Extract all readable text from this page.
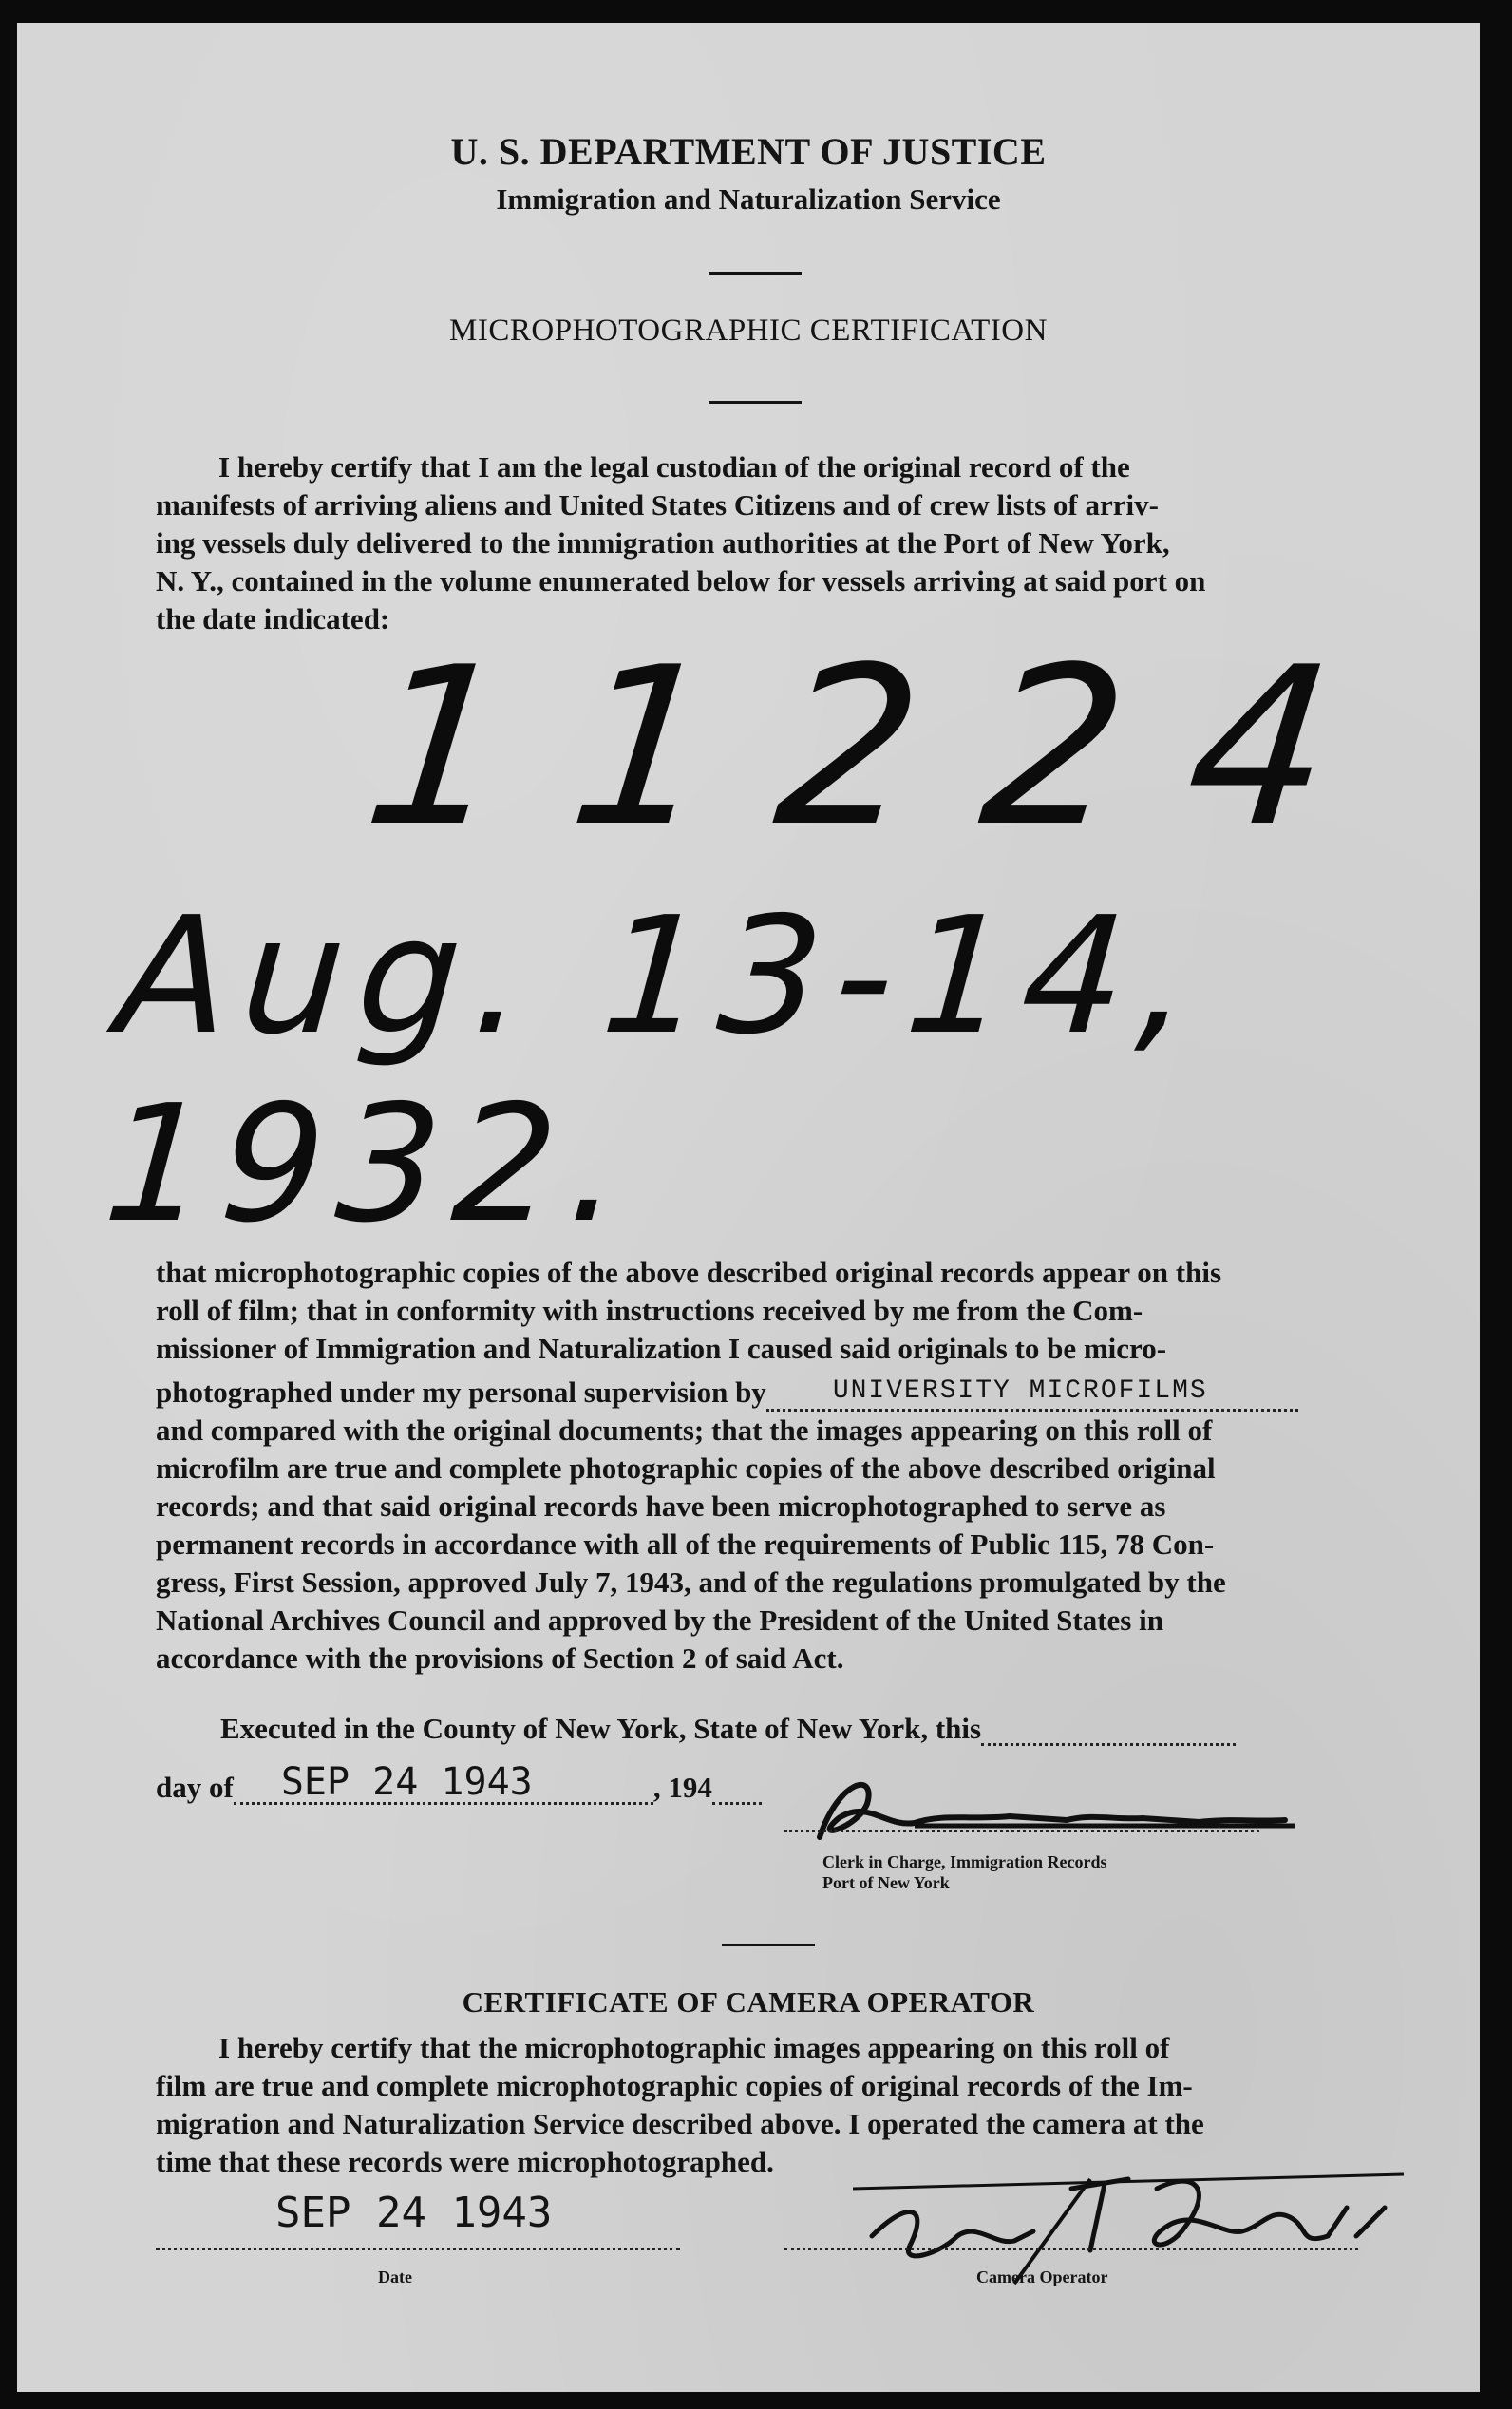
U. S. DEPARTMENT OF JUSTICE
Immigration and Naturalization Service
MICROPHOTOGRAPHIC CERTIFICATION

I hereby certify that I am the legal custodian of the original record of the

manifests of arriving aliens and United States Citizens and of crew lists of arriv-

ing vessels duly delivered to the immigration authorities at the Port of New York,

N. Y., contained in the volume enumerated below for vessels arriving at said port on

the date indicated:

11224
Aug. 13-14, 1932.

that microphotographic copies of the above described original records appear on this

roll of film; that in conformity with instructions received by me from the Com-

missioner of Immigration and Naturalization I caused said originals to be micro-

photographed under my personal supervision by	UNIVERSITY MICROFILMS

and compared with the original documents; that the images appearing on this roll of

microfilm are true and complete photographic copies of the above described original

records; and that said original records have been microphotographed to serve as

permanent records in accordance with all of the requirements of Public 115, 78 Con-

gress, First Session, approved July 7, 1943, and of the regulations promulgated by the

National Archives Council and approved by the President of the United States in

accordance with the provisions of Section 2 of said Act.

Executed in the County of New York, State of New York, this
day of SEP 24 1943	, 194
Clerk in Charge, Immigration Records
Port of New York
CERTIFICATE OF CAMERA OPERATOR

I hereby certify that the microphotographic images appearing on this roll of

film are true and complete microphotographic copies of original records of the Im-

migration and Naturalization Service described above. I operated the camera at the

time that these records were microphotographed.

SEP 24 1943
Date	Camera Operator
